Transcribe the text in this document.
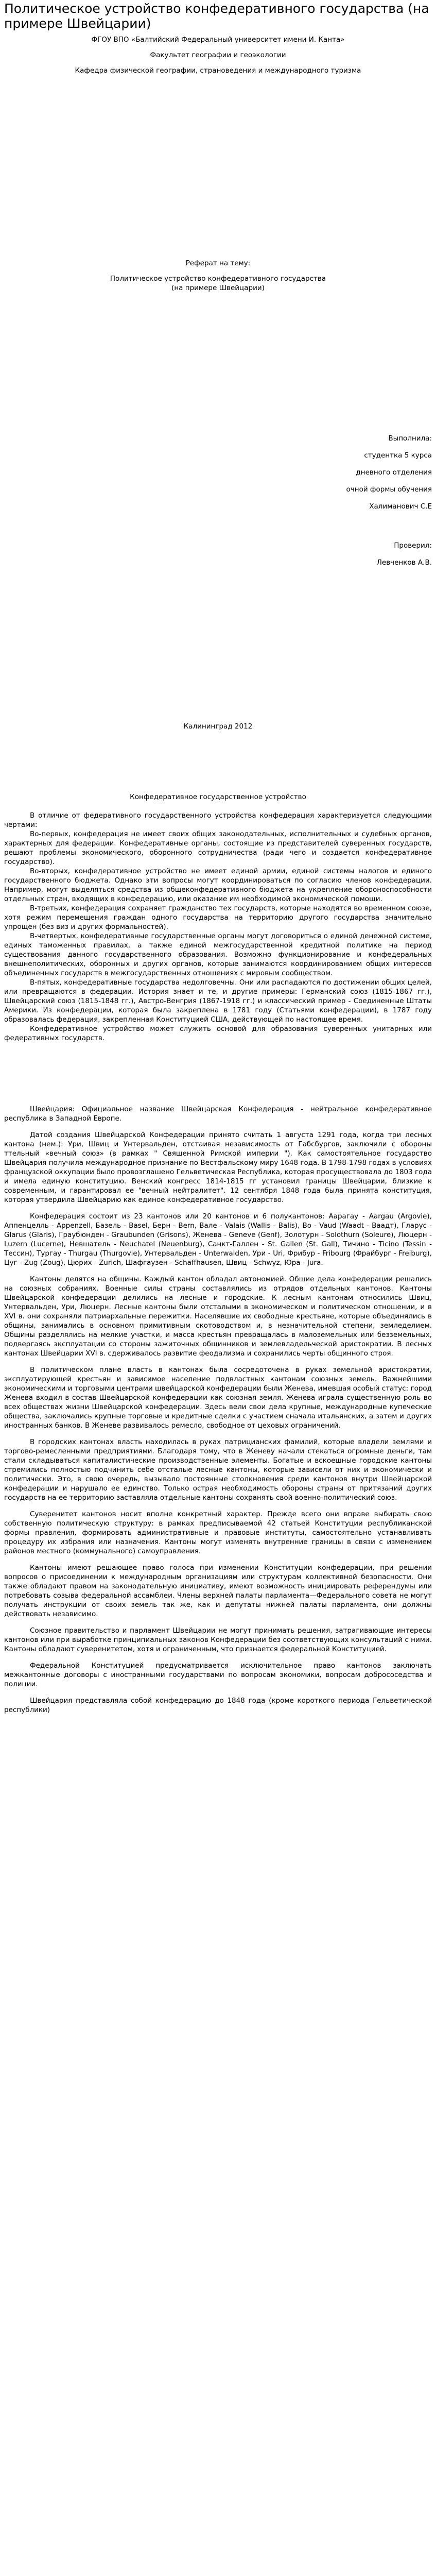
Политическое устройство конфедеративного государства (на примере Швейцарии)

ФГОУ ВПО «Балтийский Федеральный университет имени И. Канта»

Факультет географии и геоэкологии

Кафедра физической географии, страноведения и международного туризма

Реферат на тему:

Политическое устройство конфедеративного государства (на примере Швейцарии)

Выполнила:

студентка 5 курса

дневного отделения

очной формы обучения

Халиманович С.Е

Проверил:

Левченков А.В.

Калининград 2012

Конфедеративное государственное устройство

В отличие от федеративного государственного устройства конфедерация характеризуется следующими чертами:

Во-первых, конфедерация не имеет своих общих законодательных, исполнительных и судебных органов, характерных для федерации. Конфедеративные органы, состоящие из представителей суверенных государств, решают проблемы экономического, оборонного сотрудничества (ради чего и создается конфедеративное государство).

Во-вторых, конфедеративное устройство не имеет единой армии, единой системы налогов и единого государственного бюджета. Однако эти вопросы могут координироваться по согласию членов конфедерации. Например, могут выделяться средства из общеконфедеративного бюджета на укрепление обороноспособности отдельных стран, входящих в конфедерацию, или оказание им необходимой экономической помощи.

В-третьих, конфедерация сохраняет гражданство тех государств, которые находятся во временном союзе, хотя режим перемещения граждан одного государства на территорию другого государства значительно упрощен (без виз и других формальностей).

В-четвертых, конфедеративные государственные органы могут договориться о единой денежной системе, единых таможенных правилах, а также единой межгосударственной кредитной политике на период существования данного государственного образования. Возможно функционирование и конфедеральных внешнеполитических, оборонных и других органов, которые занимаются координированием общих интересов объединенных государств в межгосударственных отношениях с мировым сообществом.

В-пятых, конфедеративные государства недолговечны. Они или распадаются по достижении общих целей, или превращаются в федерации. История знает и те, и другие примеры: Германский союз (1815-1867 гг.), Швейцарский союз (1815-1848 гг.), Австро-Венгрия (1867-1918 гг.) и классический пример - Соединенные Штаты Америки. Из конфедерации, которая была закреплена в 1781 году (Статьями конфедерации), в 1787 году образовалась федерация, закрепленная Конституцией США, действующей по настоящее время.

Конфедеративное устройство может служить основой для образования суверенных унитарных или федеративных государств.

Швейцария: Официальное название Швейцарская Конфедерация - нейтральное конфедеративное республика в Западной Европе.

Датой создания Швейцарской Конфедерации принято считать 1 августа 1291 года, когда три лесных кантона (нем.): Ури, Швиц и Унтервальден, отстаивая независимость от Габсбургов, заключили с обороны ттельный «вечный союз» (в рамках " Священной Римской империи "). Как самостоятельное государство Швейцария получила международное признание по Вестфальскому миру 1648 года. В 1798-1798 годах в условиях французской оккупации было провозглашено Гельветическая Республика, которая просуществовала до 1803 года и имела единую конституцию. Венский конгресс 1814-1815 гг установил границы Швейцарии, близкие к современным, и гарантировал ее "вечный нейтралитет". 12 сентября 1848 года была принята конституция, которая утвердила Швейцарию как единое конфедеративное государство.

Конфедерация состоит из 23 кантонов или 20 кантонов и 6 полукантонов: Аарагау - Aargau (Argovie), Аппенцелль - Appenzell, Базель - Basel, Берн - Bern, Вале - Valais (Wallis - Ваlis), Во - Vaud (Waadt - Ваадт), Гларус - Glarus (Glaris), Граубюнден - Graubunden (Grisons), Женева - Geneve (Genf), Золотурн - Solothurn (Soleure), Люцерн - Luzern (Lucerne), Невшатель - Neuchatel (Neuenburg), Санкт-Галлен - St. Gallen (St. Gall), Тичино - Ticino (Tessin - Тессин), Тургау - Thurgau (Thurgovie), Унтервальден - Unterwalden, Ури - Uri, Фрибур - Fribourg (Фрайбург - Freiburg), Цуг - Zug (Zoug), Цюрих - Zurich, Шафгаузен - Schaffhausen, Швиц - Schwyz, Юра - Jura.

Кантоны делятся на общины. Каждый кантон обладал автономией. Общие дела конфедерации решались на союзных собраниях. Военные силы страны составлялись из отрядов отдельных кантонов. Кантоны Швейцарской конфедерации делились на лесные и городские. К лесным кантонам относились Швиц, Унтервальден, Ури, Люцерн. Лесные кантоны были отсталыми в экономическом и политическом отношении, и в XVI в. они сохраняли патриархальные пережитки. Населявшие их свободные крестьяне, которые объединялись в общины, занимались в основном примитивным скотоводством и, в незначительной степени, земледелием. Общины разделялись на мелкие участки, и масса крестьян превращалась в малоземельных или безземельных, подвергаясь эксплуатации со стороны зажиточных общинников и землевладельческой аристократии. В лесных кантонах Швейцарии XVI в. сдерживалось развитие феодализма и сохранились черты общинного строя.

В политическом плане власть в кантонах была сосредоточена в руках земельной аристократии, эксплуатирующей крестьян и зависимое население подвластных кантонам союзных земель. Важнейшими экономическими и торговыми центрами швейцарской конфедерации были Женева, имевшая особый статус: город Женева входил в состав Швейцарской конфедерации как союзная земля. Женева играла существенную роль во всех обществах жизни Швейцарской конфедерации. Здесь вели свои дела крупные, международные купеческие общества, заключались крупные торговые и кредитные сделки с участием сначала итальянских, а затем и других иностранных банков. В Женеве развивалось ремесло, свободное от цеховых ограничений.

В городских кантонах власть находилась в руках патрицианских фамилий, которые владели землями и торгово-ремесленными предприятиями. Благодаря тому, что в Женеву начали стекаться огромные деньги, там стали складываться капиталистические производственные элементы. Богатые и вскоешные городские кантоны стремились полностью подчинить себе отсталые лесные кантоны, которые зависели от них и экономически и политически. Это, в свою очередь, вызывало постоянные столкновения среди кантонов внутри Швейцарской конфедерации и нарушало ее единство. Только острая необходимость обороны страны от притязаний других государств на ее территорию заставляла отдельные кантоны сохранять свой военно-политический союз.

Суверенитет кантонов носит вполне конкретный характер. Прежде всего они вправе выбирать свою собственную политическую структуру: в рамках предписываемой 42 статьей Конституции республиканской формы правления, формировать административные и правовые институты, самостоятельно устанавливать процедуру их избрания или назначения. Кантоны могут изменять внутренние границы в связи с изменением районов местного (коммунального) самоуправления.

Кантоны имеют решающее право голоса при изменении Конституции конфедерации, при решении вопросов о присоединении к международным организациям или структурам коллективной безопасности. Они также обладают правом на законодательную инициативу, имеют возможность инициировать референдумы или потребовать созыва федеральной ассамблеи. Члены верхней палаты парламента—Федерального совета не могут получать инструкции от своих земель так же, как и депутаты нижней палаты парламента, они должны действовать независимо.

Союзное правительство и парламент Швейцарии не могут принимать решения, затрагивающие интересы кантонов или при выработке принципиальных законов Конфедерации без соответствующих консультаций с ними. Кантоны обладают суверенитетом, хотя и ограниченным, что признается федеральной Конституцией.

Федеральной Конституцией предусматривается исключительное право кантонов заключать межкантонные договоры с иностранными государствами по вопросам экономики, вопросам добрососедства и полиции.

Швейцария представляла собой конфедерацию до 1848 года (кроме короткого периода Гельветической республики)
